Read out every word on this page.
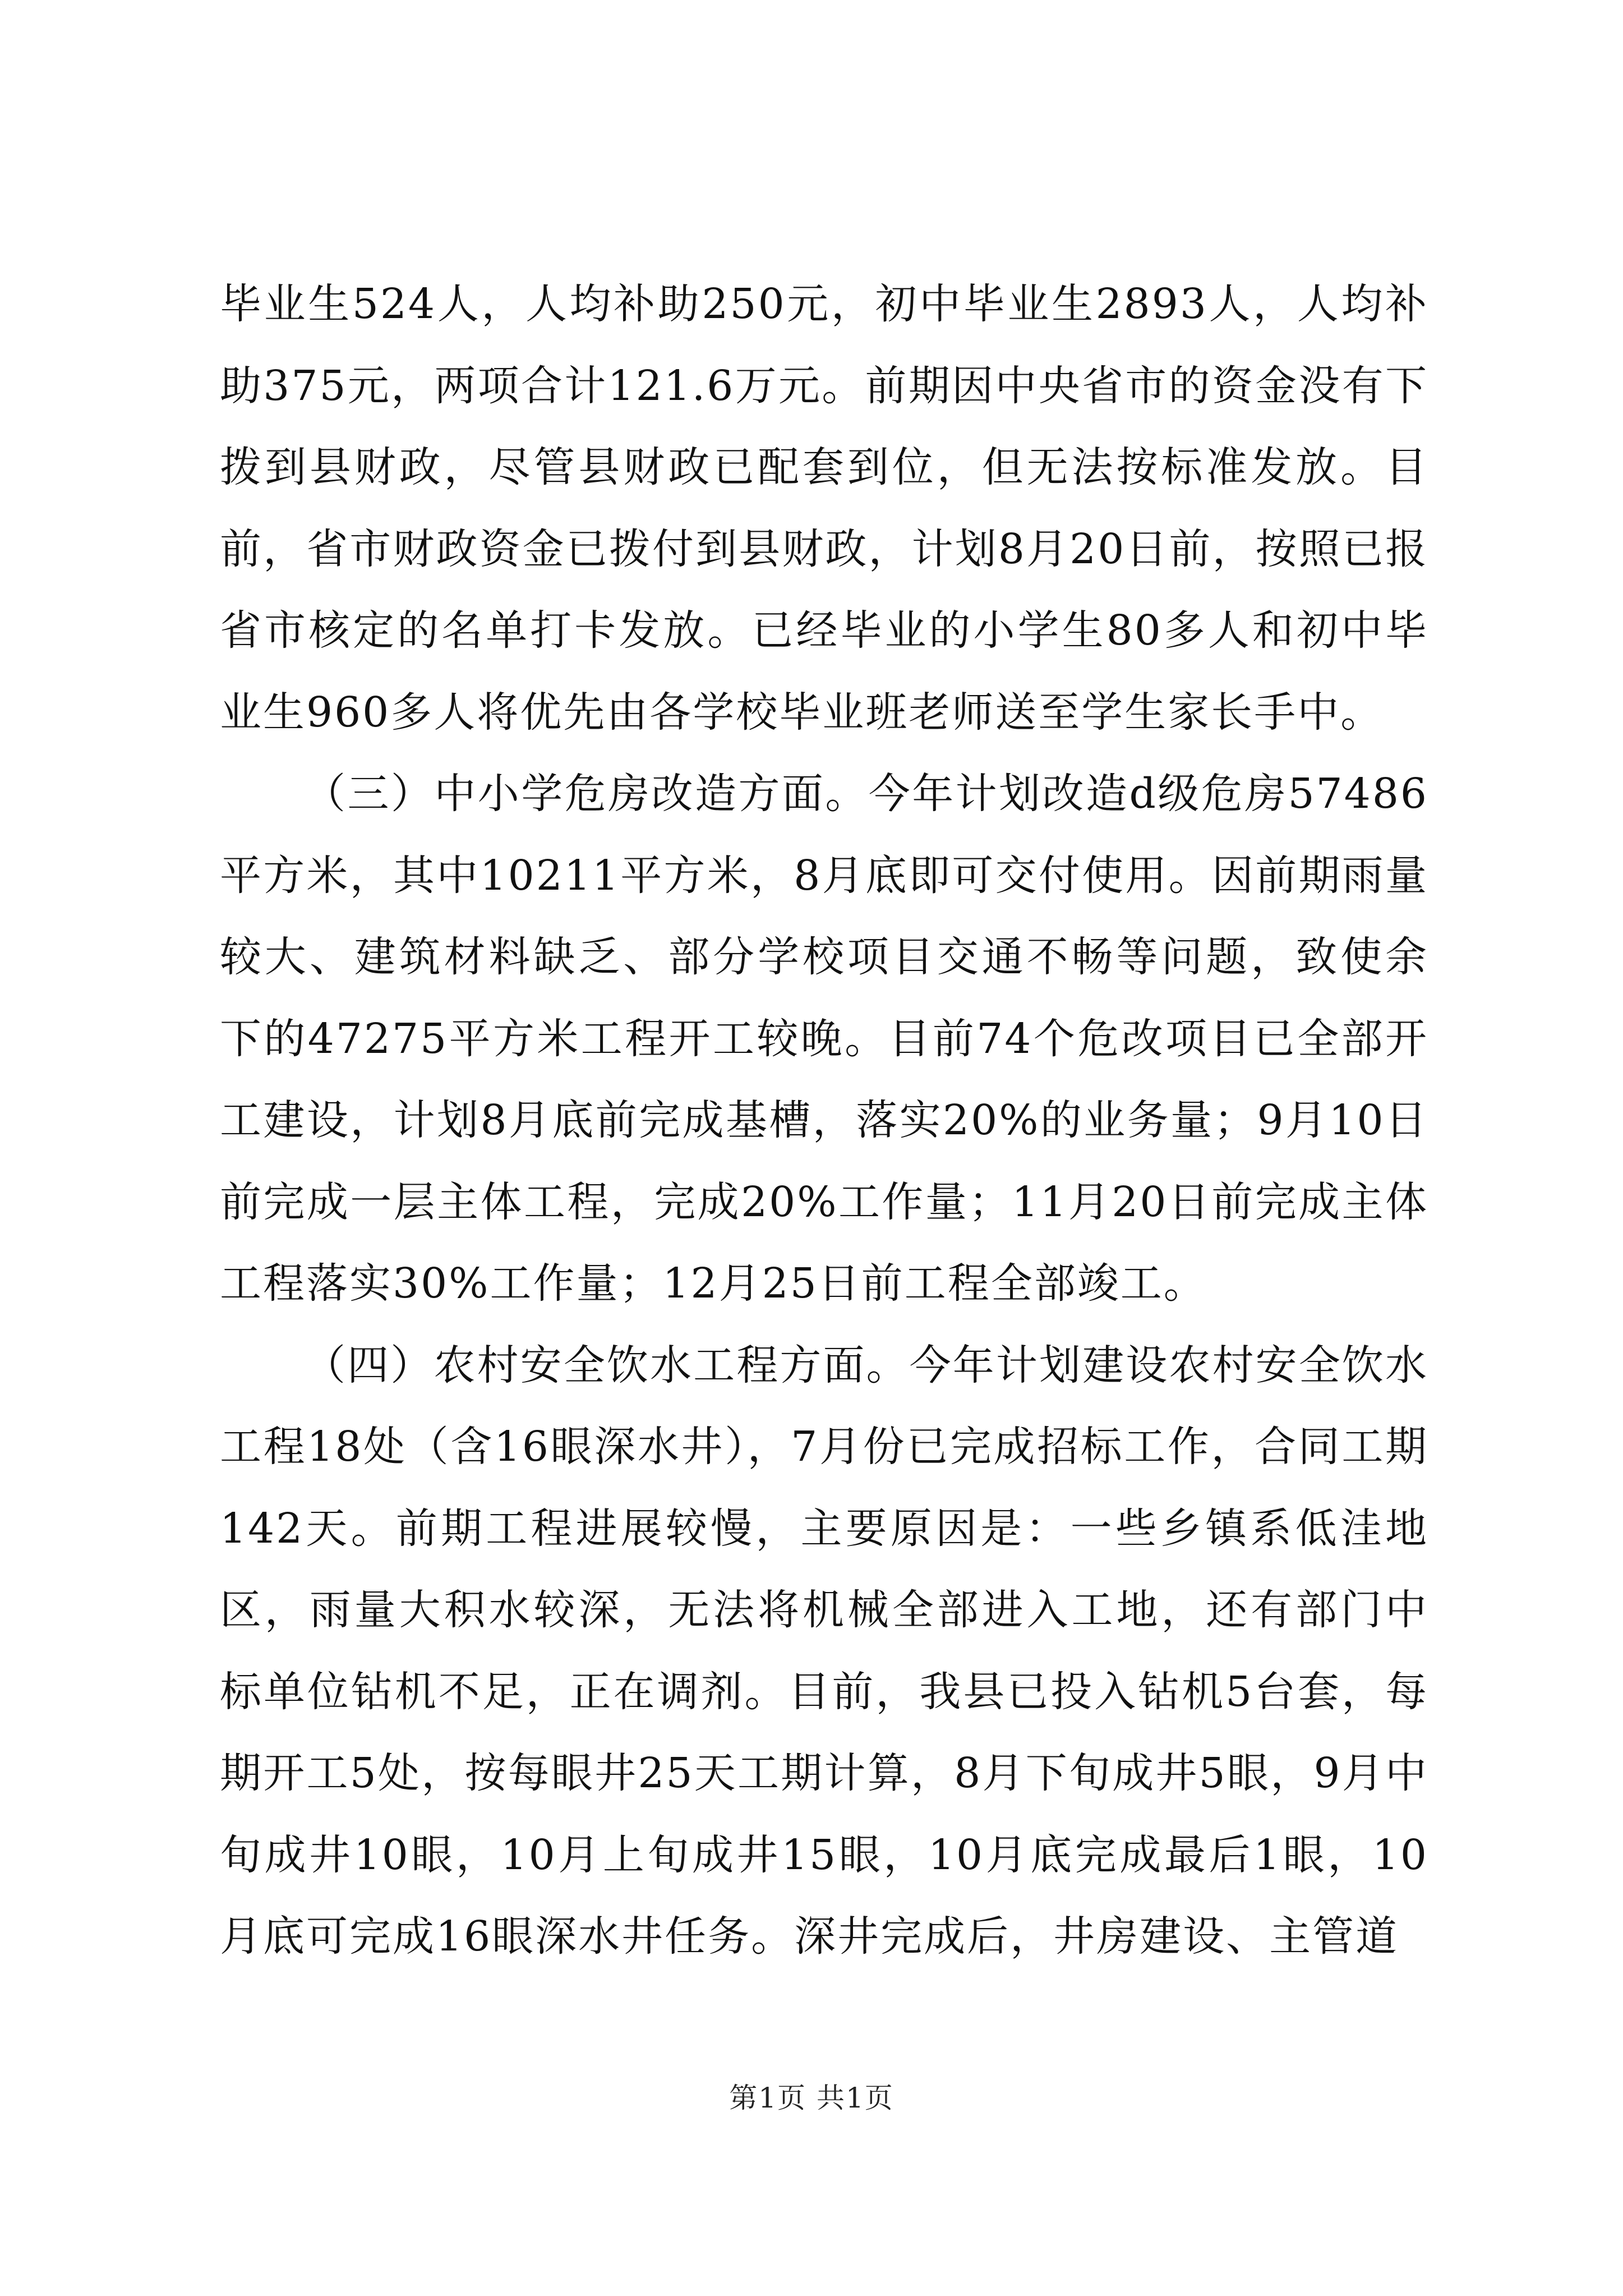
毕业生524人，人均补助250元，初中毕业生2893人，人均补助375元，两项合计121.6万元。前期因中央省市的资金没有下拨到县财政，尽管县财政已配套到位，但无法按标准发放。目前，省市财政资金已拨付到县财政，计划8月20日前，按照已报省市核定的名单打卡发放。已经毕业的小学生80多人和初中毕业生960多人将优先由各学校毕业班老师送至学生家长手中。

（三）中小学危房改造方面。今年计划改造d级危房57486平方米，其中10211平方米，8月底即可交付使用。因前期雨量较大、建筑材料缺乏、部分学校项目交通不畅等问题，致使余下的47275平方米工程开工较晚。目前74个危改项目已全部开工建设，计划8月底前完成基槽，落实20%的业务量；9月10日前完成一层主体工程，完成20%工作量；11月20日前完成主体工程落实30%工作量；12月25日前工程全部竣工。

（四）农村安全饮水工程方面。今年计划建设农村安全饮水工程18处（含16眼深水井），7月份已完成招标工作，合同工期142天。前期工程进展较慢，主要原因是：一些乡镇系低洼地区，雨量大积水较深，无法将机械全部进入工地，还有部门中标单位钻机不足，正在调剂。目前，我县已投入钻机5台套，每期开工5处，按每眼井25天工期计算，8月下旬成井5眼，9月中旬成井10眼，10月上旬成井15眼，10月底完成最后1眼，10月底可完成16眼深水井任务。深井完成后，井房建设、主管道

第1页 共1页
